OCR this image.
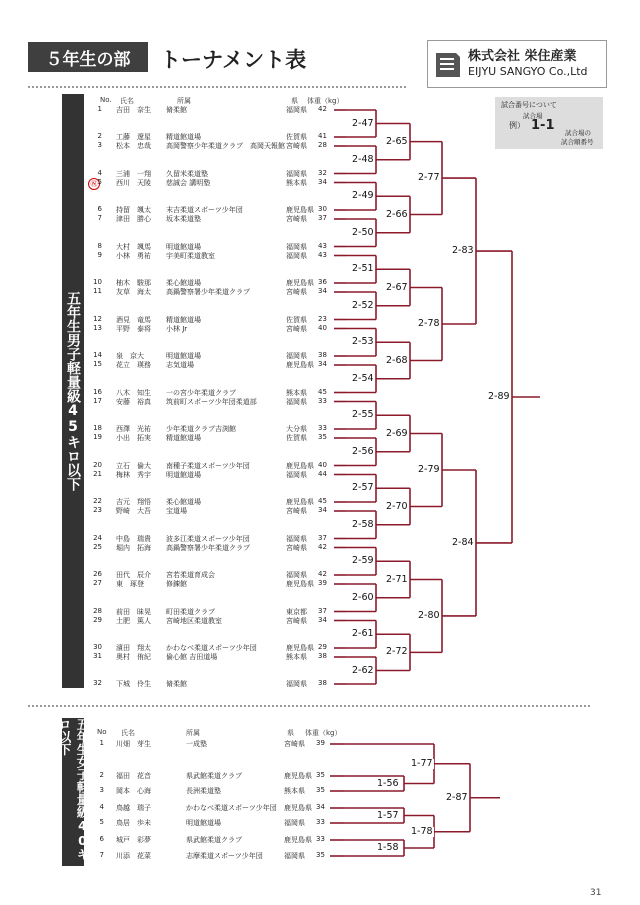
５年生の部	トーナメント表	株式会社 栄住産業
EIJYU SANGYO Co.,Ltd
試合番号について
試合場
例） 1-1 試合場の
試合順番号
五年生男子軽量級45キロ以下
No. 氏名	所属	県 体重（kg）
㊗
1 吉田　奈生 脩柔館	福岡県 42
2 工藤　遼星 精道館道場	佐賀県 41
3 松本　忠哉 高岡警察少年柔道クラブ　高岡天報館 宮崎県 28
4 三浦　一翔 久留米柔道塾	福岡県 32
5 西川　天陵 慈誠会 講明塾	熊本県 34
6 持留　颯太 末吉柔道スポーツ少年団	鹿児島県 30
7 津田　勝心 坂本柔道塾	宮崎県 37
8 大村　颯馬 明道館道場	福岡県 43
9 小林　勇祐 宇美町柔道教室	福岡県 43
10 柚木　駿那 柔心館道場	鹿児島県 36
11 友草　海太 高鍋警察署少年柔道クラブ	宮崎県 34
12 酒見　竜馬 精道館道場	佐賀県 23
13 平野　泰将 小林 Jr	宮崎県 40
14 泉　京大	明道館道場	福岡県 38
15 花立　瑛務 志気道場	鹿児島県 34
16 八木　知生 一の宮少年柔道クラブ	熊本県 45
17 安藤　裕真 筑前町スポーツ少年団柔道部	福岡県 33
18 西澤　光祐 少年柔道クラブ吉渕館	大分県 33
19 小出　拓実 精道館道場	佐賀県 35
20 立石　倫大 南種子柔道スポーツ少年団	鹿児島県 40
21 梅林　秀宇 明道館道場	福岡県 44
22 吉元　翔悟 柔心館道場	鹿児島県 45
23 野崎　大吾 宝道場	宮崎県 34
24 中島　瑞貴 波多江柔道スポーツ少年団	福岡県 37
25 堀内　拓海 高鍋警察署少年柔道クラブ	宮崎県 42
26 田代　辰介 宮若柔道育成会	福岡県 42
27 東　琢登	修錬館	鹿児島県 39
28 前田　昧晃 町田柔道クラブ	東京都 37
29 土肥　篤人 宮崎地区柔道教室	宮崎県 34
30 濱田　翔太 かわなべ柔道スポーツ少年団	鹿児島県 29
31 奥村　侑紀 倫心館 吉田道場	熊本県 38
32 下城　伶生 脩柔館	福岡県 38
五年生女子軽量級40キロ以下	No 氏名	所属	県 体重（kg）
1 川畑　芽生	一成塾	宮崎県 39
2 福田　花音	県武館柔道クラブ	鹿児島県 35
3 岡本　心海	長洲柔道塾	熊本県 35
4 鳥越　瑞子	かわなべ柔道スポーツ少年団 鹿児島県 34
5 鳥居　歩未	明道館道場	福岡県 33
6 城戸　彩夢	県武館柔道クラブ	鹿児島県 33
7 川添　花菜	志摩柔道スポーツ少年団	福岡県 35
2-47
2-48
2-49
2-50
2-51
2-52
2-53
2-54
2-55
2-56
2-57
2-58
2-59
2-60
2-61
2-62
2-65
2-66
2-67
2-68
2-69
2-70
2-71
2-72
2-77
2-78
2-79
2-80
2-83
2-84
2-89
1-56
1-57
1-58
1-77
1-78
2-87
31
